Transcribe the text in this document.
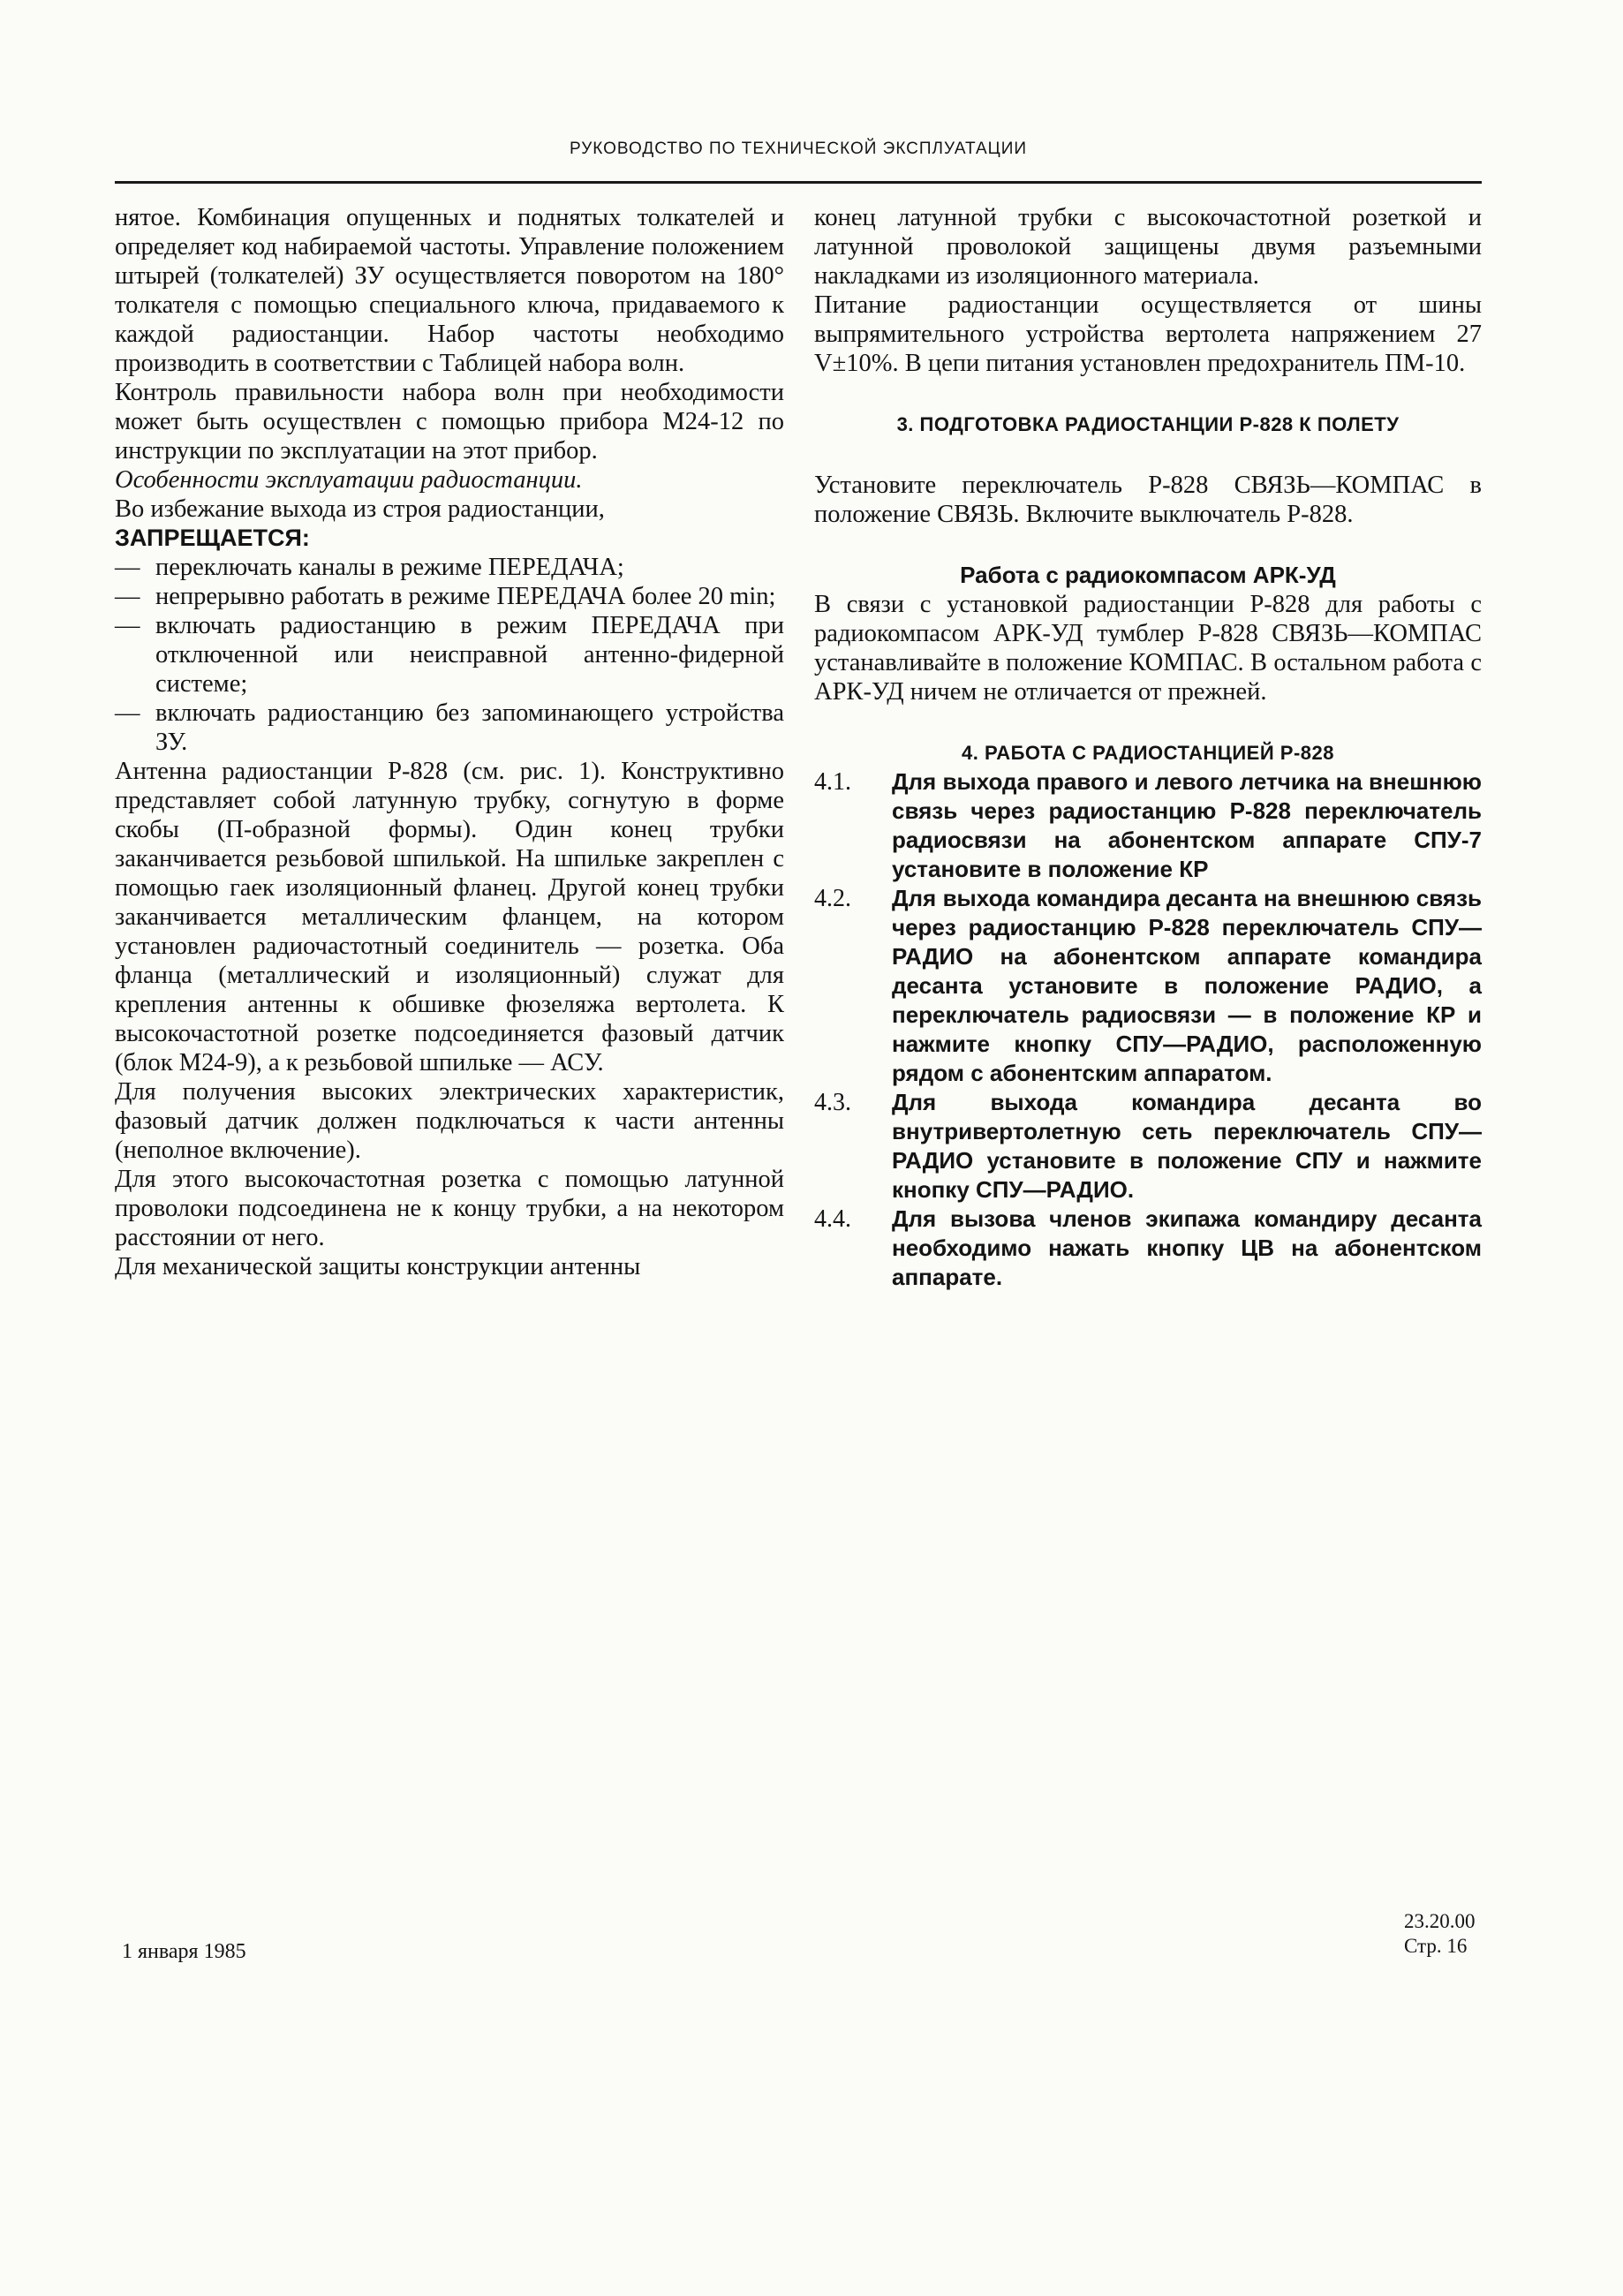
РУКОВОДСТВО ПО ТЕХНИЧЕСКОЙ ЭКСПЛУАТАЦИИ

нятое. Комбинация опущенных и поднятых толкателей и определяет код набираемой частоты. Управление положением штырей (толкателей) ЗУ осуществляется поворотом на 180° толкателя с помощью специального ключа, придаваемого к каждой радиостанции. Набор частоты необходимо производить в соответствии с Таблицей набора волн.

Контроль правильности набора волн при необходимости может быть осуществлен с помощью прибора М24-12 по инструкции по эксплуатации на этот прибор.

Особенности эксплуатации радиостанции.

Во избежание выхода из строя радиостанции,

ЗАПРЕЩАЕТСЯ:

— переключать каналы в режиме ПЕРЕДАЧА;
— непрерывно работать в режиме ПЕРЕДАЧА более 20 min;
— включать радиостанцию в режим ПЕРЕДАЧА при отключенной или неисправной антенно-фидерной системе;
— включать радиостанцию без запоминающего устройства ЗУ.

Антенна радиостанции Р-828 (см. рис. 1). Конструктивно представляет собой латунную трубку, согнутую в форме скобы (П-образной формы). Один конец трубки заканчивается резьбовой шпилькой. На шпильке закреплен с помощью гаек изоляционный фланец. Другой конец трубки заканчивается металлическим фланцем, на котором установлен радиочастотный соединитель — розетка. Оба фланца (металлический и изоляционный) служат для крепления антенны к обшивке фюзеляжа вертолета. К высокочастотной розетке подсоединяется фазовый датчик (блок М24-9), а к резьбовой шпильке — АСУ.

Для получения высоких электрических характеристик, фазовый датчик должен подключаться к части антенны (неполное включение).

Для этого высокочастотная розетка с помощью латунной проволоки подсоединена не к концу трубки, а на некотором расстоянии от него.

Для механической защиты конструкции антенны

конец латунной трубки с высокочастотной розеткой и латунной проволокой защищены двумя разъемными накладками из изоляционного материала.

Питание радиостанции осуществляется от шины выпрямительного устройства вертолета напряжением 27 V±10%. В цепи питания установлен предохранитель ПМ-10.

3. ПОДГОТОВКА РАДИОСТАНЦИИ Р-828 К ПОЛЕТУ

Установите переключатель Р-828 СВЯЗЬ—КОМПАС в положение СВЯЗЬ. Включите выключатель Р-828.

Работа с радиокомпасом АРК-УД

В связи с установкой радиостанции Р-828 для работы с радиокомпасом АРК-УД тумблер Р-828 СВЯЗЬ—КОМПАС устанавливайте в положение КОМПАС. В остальном работа с АРК-УД ничем не отличается от прежней.

4. РАБОТА С РАДИОСТАНЦИЕЙ Р-828

4.1.	Для выхода правого и левого летчика на внешнюю связь через радиостанцию Р-828 переключатель радиосвязи на абонентском аппарате СПУ-7 установите в положение КР
4.2.	Для выхода командира десанта на внешнюю связь через радиостанцию Р-828 переключатель СПУ—РАДИО на абонентском аппарате командира десанта установите в положение РАДИО, а переключатель радиосвязи — в положение КР и нажмите кнопку СПУ—РАДИО, расположенную рядом с абонентским аппаратом.
4.3.	Для выхода командира десанта во внутривертолетную сеть переключатель СПУ—РАДИО установите в положение СПУ и нажмите кнопку СПУ—РАДИО.
4.4.	Для вызова членов экипажа командиру десанта необходимо нажать кнопку ЦВ на абонентском аппарате.
1 января 1985
23.20.00
Стр. 16
